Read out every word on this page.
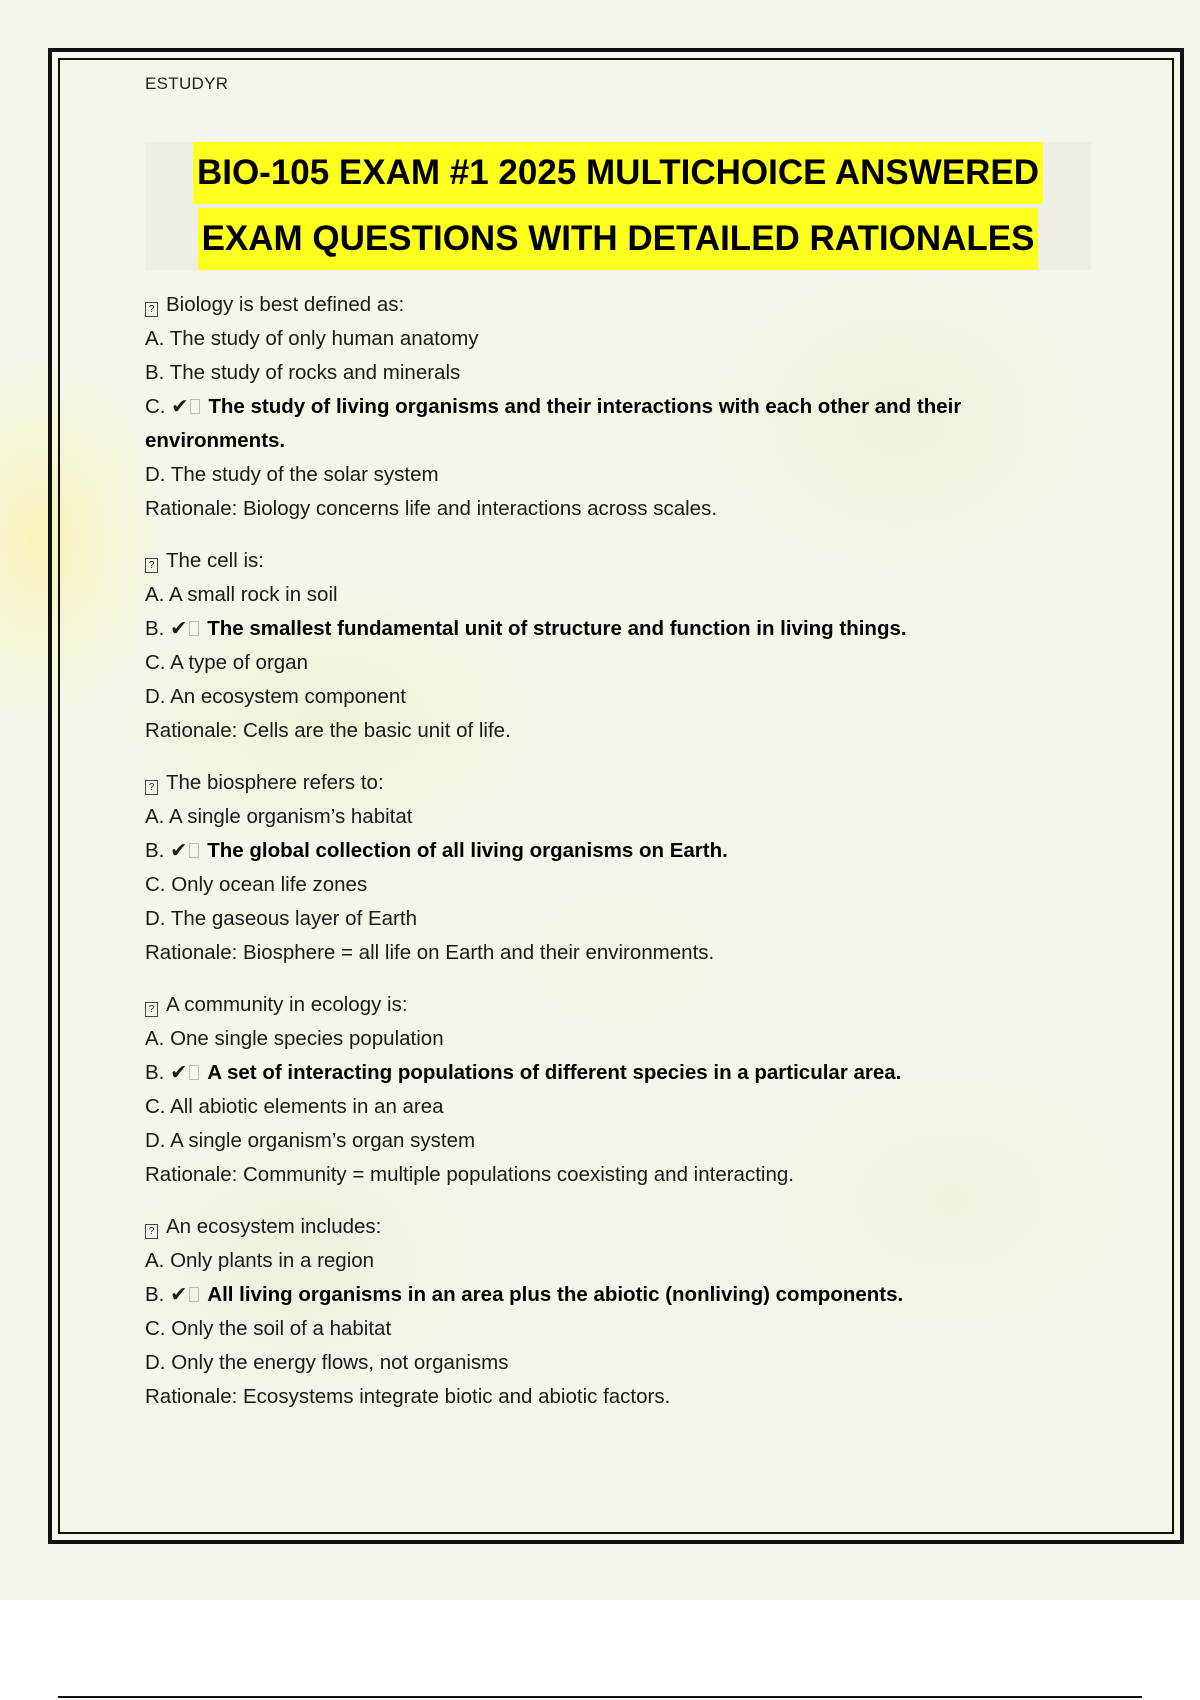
ESTUDYR
BIO-105 EXAM #1 2025 MULTICHOICE ANSWERED
EXAM QUESTIONS WITH DETAILED RATIONALES
? Biology is best defined as:
A. The study of only human anatomy
B. The study of rocks and minerals
C. ✔ The study of living organisms and their interactions with each other and their environments.
D. The study of the solar system
Rationale: Biology concerns life and interactions across scales.
? The cell is:
A. A small rock in soil
B. ✔ The smallest fundamental unit of structure and function in living things.
C. A type of organ
D. An ecosystem component
Rationale: Cells are the basic unit of life.
? The biosphere refers to:
A. A single organism’s habitat
B. ✔ The global collection of all living organisms on Earth.
C. Only ocean life zones
D. The gaseous layer of Earth
Rationale: Biosphere = all life on Earth and their environments.
? A community in ecology is:
A. One single species population
B. ✔ A set of interacting populations of different species in a particular area.
C. All abiotic elements in an area
D. A single organism’s organ system
Rationale: Community = multiple populations coexisting and interacting.
? An ecosystem includes:
A. Only plants in a region
B. ✔ All living organisms in an area plus the abiotic (nonliving) components.
C. Only the soil of a habitat
D. Only the energy flows, not organisms
Rationale: Ecosystems integrate biotic and abiotic factors.
